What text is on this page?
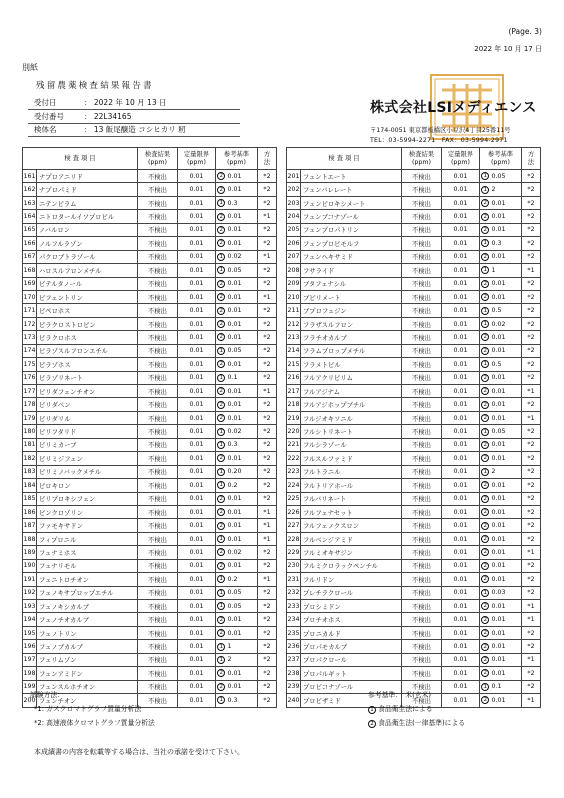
(Page. 3)
2022 年 10 月 17 日
別紙
残留農薬検査結果報告書
受付日	： 2022 年 10 月 13 日
受付番号	： 22L34165
検体名	： 13 飯尾醸造 コシヒカリ 籾
株式会社LSIメディエンス
〒174-0051 東京都板橋区小豆沢4丁目25番11号
TEL：03-5994-2271　FAX：03-5994-2971
検 査 項 目		検査結果
(ppm)	定量限界
(ppm)	参考基準
(ppm)		方
法
161	ナプロアニリド	不検出	0.01	2	0.01	*2
162	ナプロパミド	不検出	0.01	2	0.01	*2
163	ニテンピラム	不検出	0.01	1	0.3	*2
164	ニトロタールイソプロピル	不検出	0.01	2	0.01	*1
165	ノバルロン	不検出	0.01	2	0.01	*2
166	ノルフルラゾン	不検出	0.01	2	0.01	*2
167	パクロブトラゾール	不検出	0.01	1	0.02	*1
168	ハロスルフロンメチル	不検出	0.01	1	0.05	*2
169	ビテルタノール	不検出	0.01	2	0.01	*2
170	ビフェントリン	不検出	0.01	2	0.01	*1
171	ピペロホス	不検出	0.01	2	0.01	*2
172	ピラクロストロビン	不検出	0.01	2	0.01	*2
173	ピラクロホス	不検出	0.01	2	0.01	*2
174	ピラゾスルフロンエチル	不検出	0.01	1	0.05	*2
175	ピラゾホス	不検出	0.01	2	0.01	*2
176	ピラゾリネート	不検出	0.01	1	0.1	*2
177	ピリダフェンチオン	不検出	0.01	2	0.01	*1
178	ピリダベン	不検出	0.01	2	0.01	*2
179	ピリダリル	不検出	0.01	2	0.01	*2
180	ピリフタリド	不検出	0.01	1	0.02	*2
181	ピリミカーブ	不検出	0.01	1	0.3	*2
182	ピリミジフェン	不検出	0.01	2	0.01	*2
183	ピリミノバックメチル	不検出	0.01	1	0.20	*2
184	ピロキロン	不検出	0.01	1	0.2	*2
185	ピリプロキシフェン	不検出	0.01	2	0.01	*2
186	ビンクロゾリン	不検出	0.01	2	0.01	*1
187	ファモキサドン	不検出	0.01	2	0.01	*1
188	フィプロニル	不検出	0.01	1	0.01	*1
189	フェナミホス	不検出	0.01	2	0.02	*2
190	フェナリモル	不検出	0.01	2	0.01	*2
191	フェニトロチオン	不検出	0.01	1	0.2	*1
192	フェノキサプロップエチル	不検出	0.01	1	0.05	*2
193	フェノキシカルブ	不検出	0.01	1	0.05	*2
194	フェノチオカルブ	不検出	0.01	2	0.01	*2
195	フェノトリン	不検出	0.01	2	0.01	*2
196	フェノブカルブ	不検出	0.01	1	1	*2
197	フェリムゾン	不検出	0.01	1	2	*2
198	フェンアミドン	不検出	0.01	2	0.01	*2
199	フェンスルホチオン	不検出	0.01	2	0.01	*2
200	フェンチオン	不検出	0.01	1	0.3	*2
検 査 項 目		検査結果
(ppm)	定量限界
(ppm)	参考基準
(ppm)		方
法
201	フェントエート	不検出	0.01	1	0.05	*2
202	フェンバレレート	不検出	0.01	1	2	*2
203	フェンピロキシメート	不検出	0.01	2	0.01	*2
204	フェンブコナゾール	不検出	0.01	2	0.01	*2
205	フェンプロパトリン	不検出	0.01	2	0.01	*2
206	フェンプロピモルフ	不検出	0.01	1	0.3	*2
207	フェンヘキサミド	不検出	0.01	2	0.01	*2
208	フサライド	不検出	0.01	1	1	*1
209	ブタフェナシル	不検出	0.01	2	0.01	*2
210	ブピリメート	不検出	0.01	2	0.01	*2
211	ブプロフェジン	不検出	0.01	1	0.5	*2
212	フラザスルフロン	不検出	0.01	1	0.02	*2
213	フラチオカルブ	不検出	0.01	2	0.01	*2
214	フラムプロップメチル	不検出	0.01	2	0.01	*2
215	フラメトピル	不検出	0.01	1	0.5	*2
216	フルアクリピリム	不検出	0.01	2	0.01	*2
217	フルアジナム	不検出	0.01	2	0.01	*1
218	フルアジホップブチル	不検出	0.01	2	0.01	*2
219	フルジオキソニル	不検出	0.01	2	0.01	*1
220	フルシトリネート	不検出	0.01	1	0.05	*2
221	フルシラゾール	不検出	0.01	2	0.01	*2
222	フルスルファミド	不検出	0.01	2	0.01	*2
223	フルトラニル	不検出	0.01	1	2	*2
224	フルトリアホール	不検出	0.01	2	0.01	*2
225	フルバリネート	不検出	0.01	2	0.01	*2
226	フルフェナセット	不検出	0.01	2	0.01	*2
227	フルフェノクスロン	不検出	0.01	2	0.01	*2
228	フルベンジアミド	不検出	0.01	2	0.01	*2
229	フルミオキサジン	不検出	0.01	2	0.01	*1
230	フルミクロラックペンチル	不検出	0.01	2	0.01	*2
231	フルリドン	不検出	0.01	2	0.01	*2
232	プレチラクロール	不検出	0.01	1	0.03	*2
233	プロシミドン	不検出	0.01	2	0.01	*1
234	プロチオホス	不検出	0.01	2	0.01	*1
235	プロニカルド	不検出	0.01	2	0.01	*2
236	プロパモカルブ	不検出	0.01	2	0.01	*2
237	プロパクロール	不検出	0.01	2	0.01	*1
238	プロパルギット	不検出	0.01	2	0.01	*2
239	プロピコナゾール	不検出	0.01	1	0.1	*2
240	プロピザミド	不検出	0.01	2	0.01	*1
試験方法：
*1: ガスクロマトグラフ質量分析法
*2: 高速液体クロマトグラフ質量分析法
参考基準：　米(玄米)
1 食品衛生法による
2 食品衛生法(一律基準)による
本成績書の内容を転載等する場合は、当社の承諾を受けて下さい。
